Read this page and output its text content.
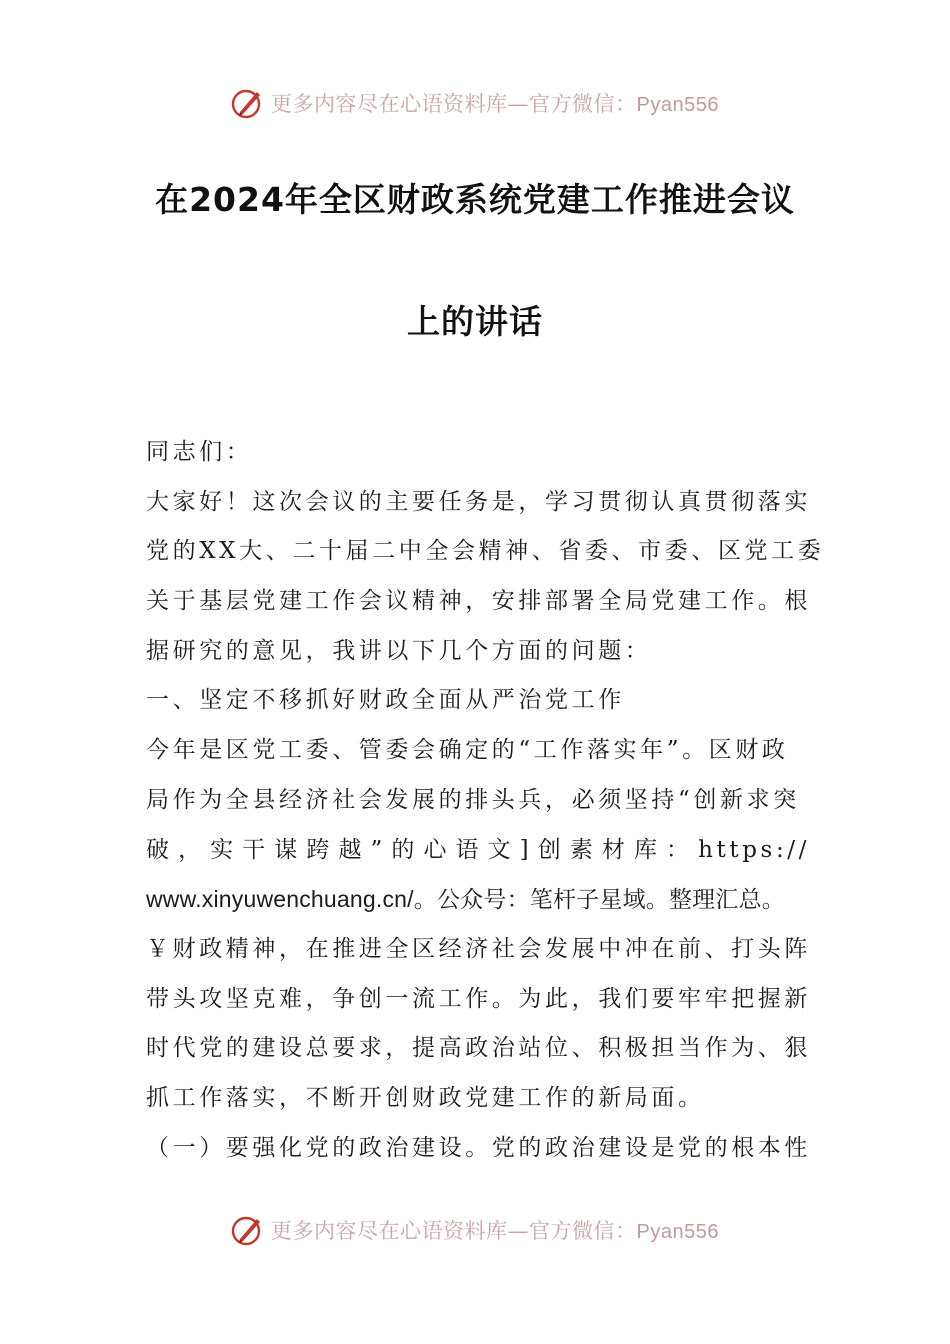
更多内容尽在心语资料库—官方微信：Pyan556
在2024年全区财政系统党建工作推进会议
上的讲话
同志们：
大家好！这次会议的主要任务是，学习贯彻认真贯彻落实
党的XX大、二十届二中全会精神、省委、市委、区党工委
关于基层党建工作会议精神，安排部署全局党建工作。根
据研究的意见，我讲以下几个方面的问题：
一、坚定不移抓好财政全面从严治党工作
今年是区党工委、管委会确定的“工作落实年”。区财政
局作为全县经济社会发展的排头兵，必须坚持“创新求突
破，实干谋跨越”的心语文]创素材库：https://
www.xinyuwenchuang.cn/。公众号：笔杆子星域。整理汇总。
￥财政精神，在推进全区经济社会发展中冲在前、打头阵
带头攻坚克难，争创一流工作。为此，我们要牢牢把握新
时代党的建设总要求，提高政治站位、积极担当作为、狠
抓工作落实，不断开创财政党建工作的新局面。
（一）要强化党的政治建设。党的政治建设是党的根本性
更多内容尽在心语资料库—官方微信：Pyan556
